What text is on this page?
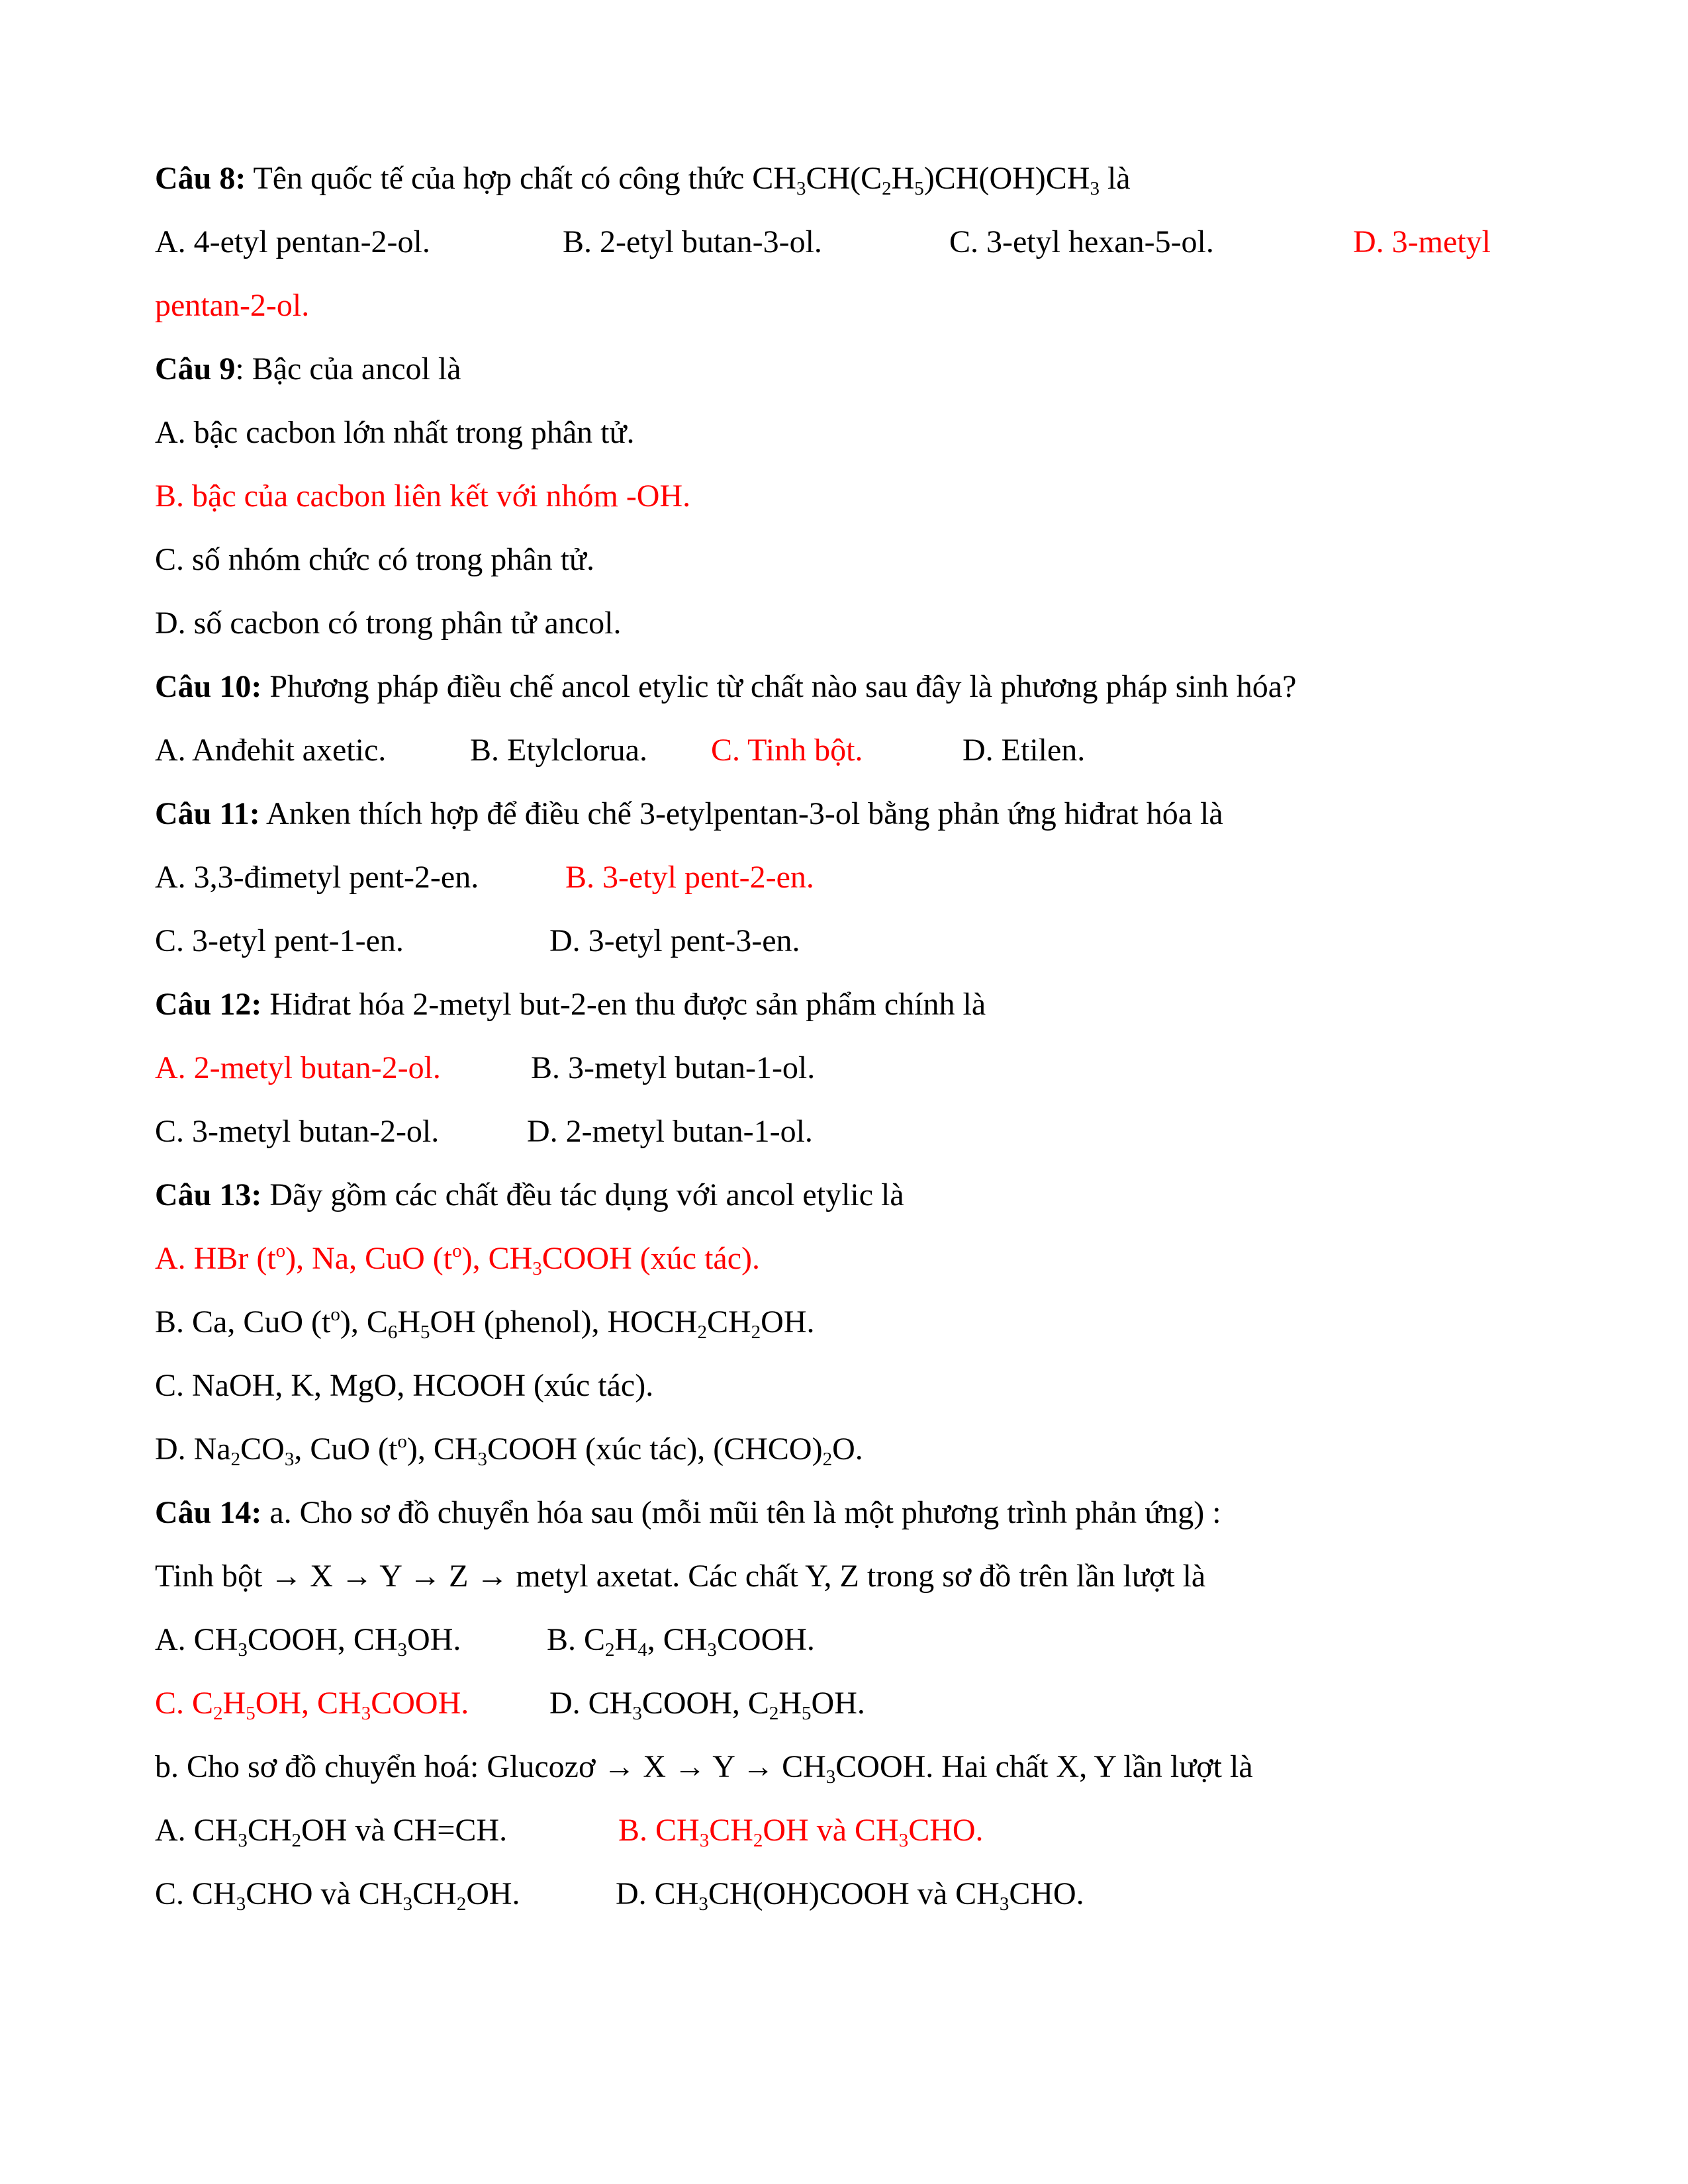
Câu 8: Tên quốc tế của hợp chất có công thức $CH_3CH(C_2H_5)CH(OH)CH_3$ là
A. 4-etyl pentan-2-ol.	B. 2-etyl butan-3-ol.	C. 3-etyl hexan-5-ol.	D. 3-metyl
pentan-2-ol.
Câu 9: Bậc của ancol là
A. bậc cacbon lớn nhất trong phân tử.
B. bậc của cacbon liên kết với nhóm -OH.
C. số nhóm chức có trong phân tử.
D. số cacbon có trong phân tử ancol.
Câu 10: Phương pháp điều chế ancol etylic từ chất nào sau đây là phương pháp sinh hóa?
A. Anđehit axetic.	B. Etylclorua. C. Tinh bột.	D. Etilen.
Câu 11: Anken thích hợp để điều chế 3-etylpentan-3-ol bằng phản ứng hiđrat hóa là
A. 3,3-đimetyl pent-2-en.	B. 3-etyl pent-2-en.
C. 3-etyl pent-1-en.	D. 3-etyl pent-3-en.
Câu 12: Hiđrat hóa 2-metyl but-2-en thu được sản phẩm chính là
A. 2-metyl butan-2-ol.	B. 3-metyl butan-1-ol.
C. 3-metyl butan-2-ol.	D. 2-metyl butan-1-ol.
Câu 13: Dãy gồm các chất đều tác dụng với ancol etylic là
A. HBr $(t^o)$, Na, CuO $(t^o)$, $CH_3COOH$ (xúc tác).
B. Ca, CuO $(t^o)$, $C_6H_5OH$ (phenol), $HOCH_2CH_2OH$.
C. NaOH, K, MgO, HCOOH (xúc tác).
D. $Na_2CO_3$, CuO $(t^o)$, $CH_3COOH$ (xúc tác), $(CHCO)_2O$.
Câu 14: a. Cho sơ đồ chuyển hóa sau (mỗi mũi tên là một phương trình phản ứng) :
Tinh bột → X → Y → Z → metyl axetat. Các chất Y, Z trong sơ đồ trên lần lượt là
A. $CH_3COOH$, $CH_3OH$.	B. $C_2H_4$, $CH_3COOH$.
C. $C_2H_5OH$, $CH_3COOH$.	D. $CH_3COOH$, $C_2H_5OH$.
b. Cho sơ đồ chuyển hoá: Glucozơ → $X \to Y \to CH_3COOH$. Hai chất X, Y lần lượt là
A. $CH_3CH_2OH$ và CH=CH.	B. $CH_3CH_2OH$ và $CH_3CHO$.
C. $CH_3CHO$ và $CH_3CH_2OH$.	D. $CH_3CH(OH)COOH$ và $CH_3CHO$.
